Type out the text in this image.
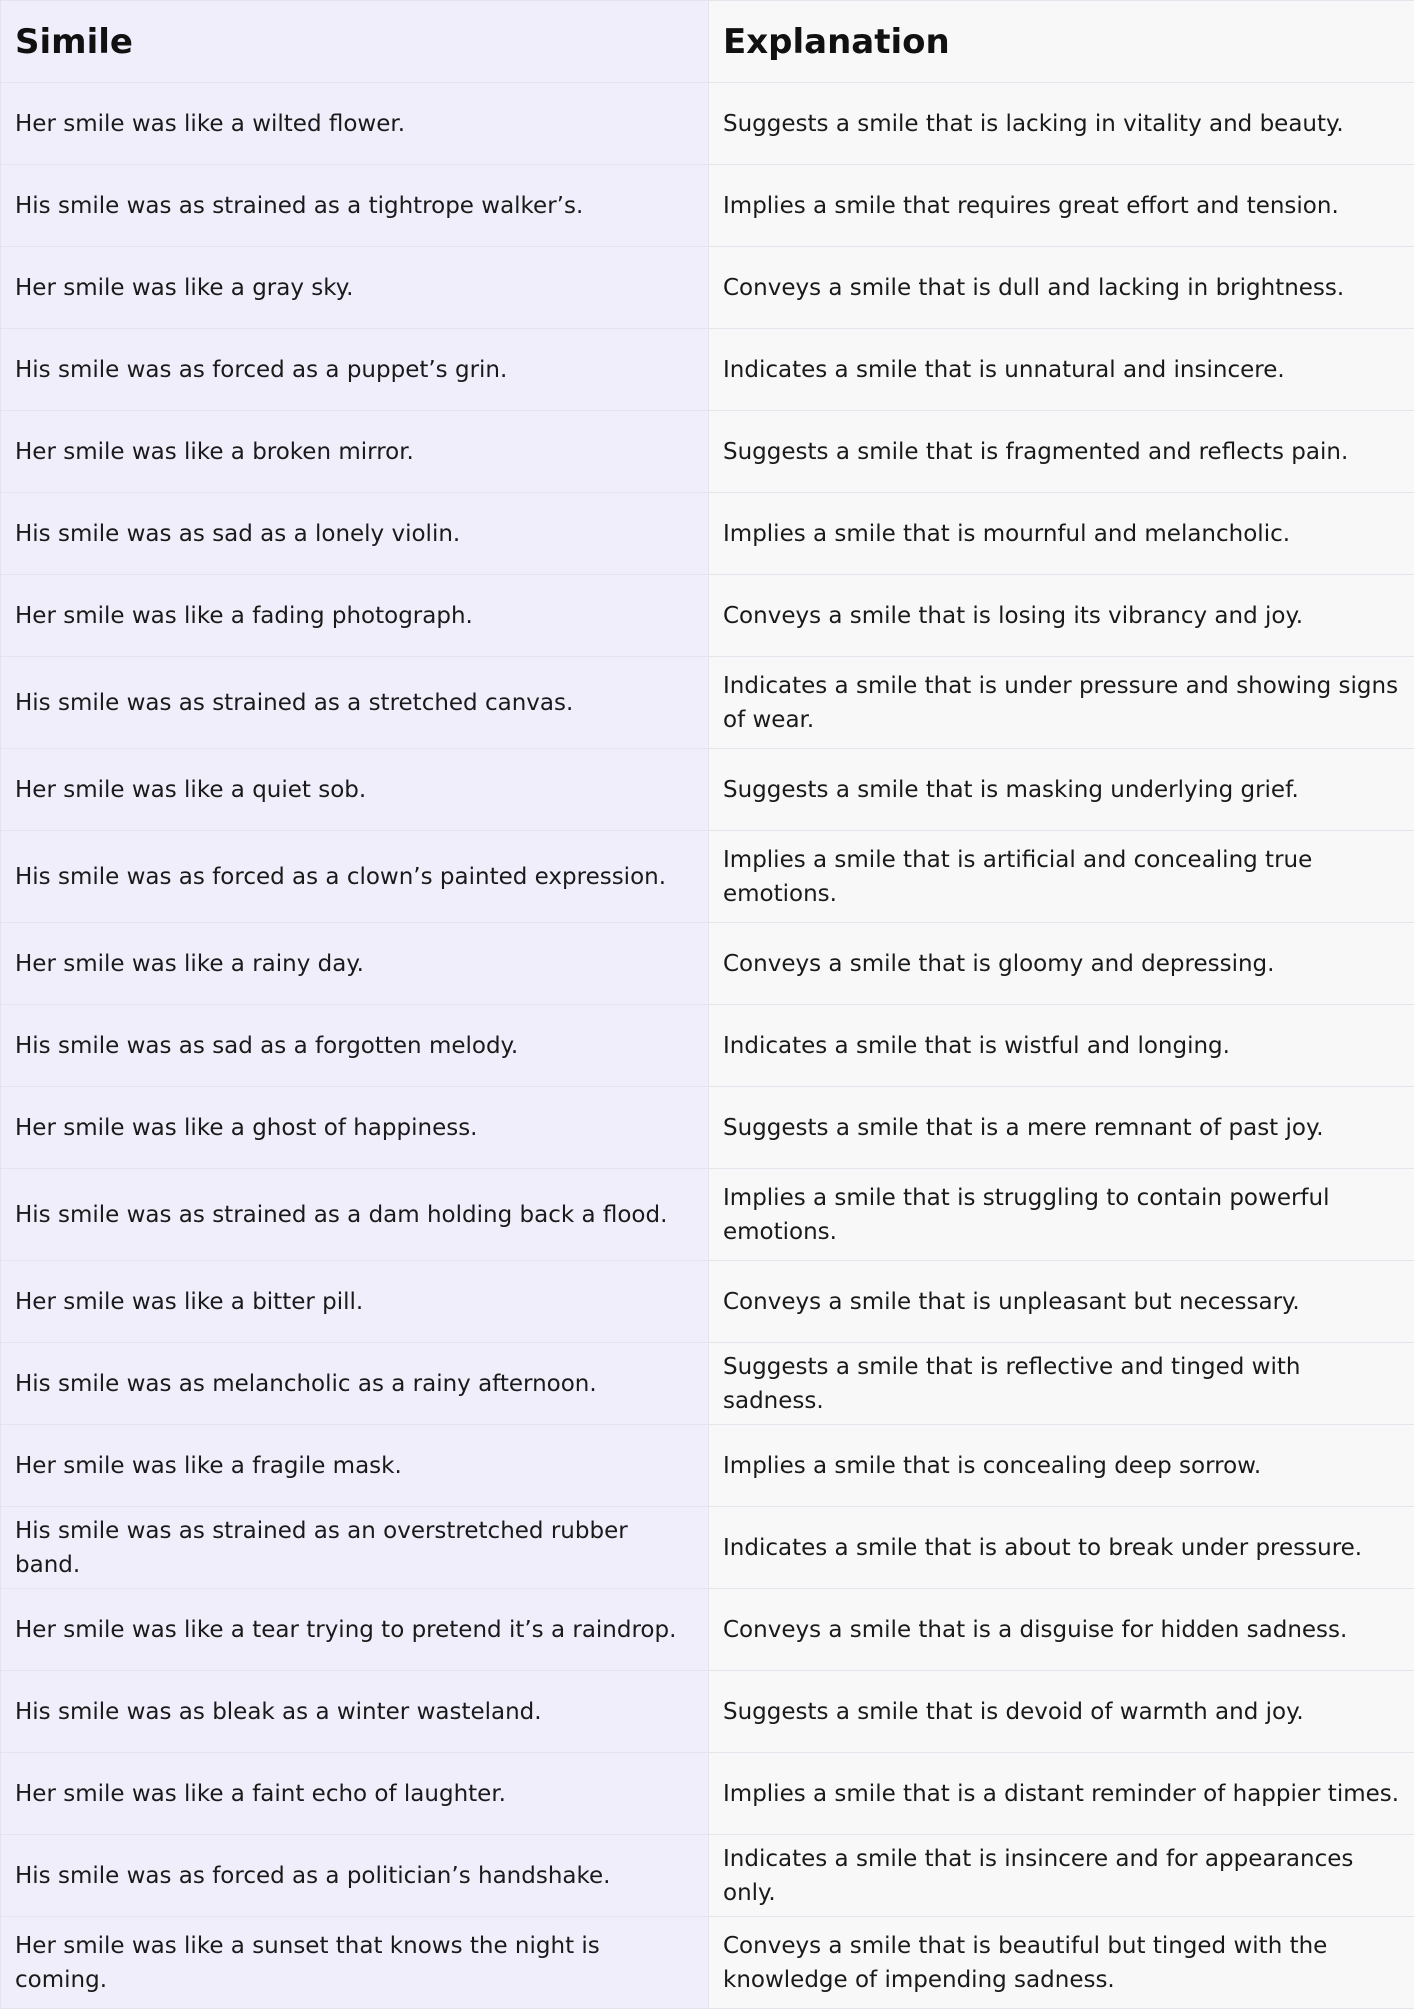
Simile	Explanation
Her smile was like a wilted flower.	Suggests a smile that is lacking in vitality and beauty.
His smile was as strained as a tightrope walker’s.	Implies a smile that requires great effort and tension.
Her smile was like a gray sky.	Conveys a smile that is dull and lacking in brightness.
His smile was as forced as a puppet’s grin.	Indicates a smile that is unnatural and insincere.
Her smile was like a broken mirror.	Suggests a smile that is fragmented and reflects pain.
His smile was as sad as a lonely violin.	Implies a smile that is mournful and melancholic.
Her smile was like a fading photograph.	Conveys a smile that is losing its vibrancy and joy.
His smile was as strained as a stretched canvas.	Indicates a smile that is under pressure and showing signs of wear.
Her smile was like a quiet sob.	Suggests a smile that is masking underlying grief.
His smile was as forced as a clown’s painted expression.	Implies a smile that is artificial and concealing true emotions.
Her smile was like a rainy day.	Conveys a smile that is gloomy and depressing.
His smile was as sad as a forgotten melody.	Indicates a smile that is wistful and longing.
Her smile was like a ghost of happiness.	Suggests a smile that is a mere remnant of past joy.
His smile was as strained as a dam holding back a flood.	Implies a smile that is struggling to contain powerful emotions.
Her smile was like a bitter pill.	Conveys a smile that is unpleasant but necessary.
His smile was as melancholic as a rainy afternoon.	Suggests a smile that is reflective and tinged with sadness.
Her smile was like a fragile mask.	Implies a smile that is concealing deep sorrow.
His smile was as strained as an overstretched rubber band.	Indicates a smile that is about to break under pressure.
Her smile was like a tear trying to pretend it’s a raindrop.	Conveys a smile that is a disguise for hidden sadness.
His smile was as bleak as a winter wasteland.	Suggests a smile that is devoid of warmth and joy.
Her smile was like a faint echo of laughter.	Implies a smile that is a distant reminder of happier times.
His smile was as forced as a politician’s handshake.	Indicates a smile that is insincere and for appearances only.
Her smile was like a sunset that knows the night is coming.	Conveys a smile that is beautiful but tinged with the knowledge of impending sadness.
